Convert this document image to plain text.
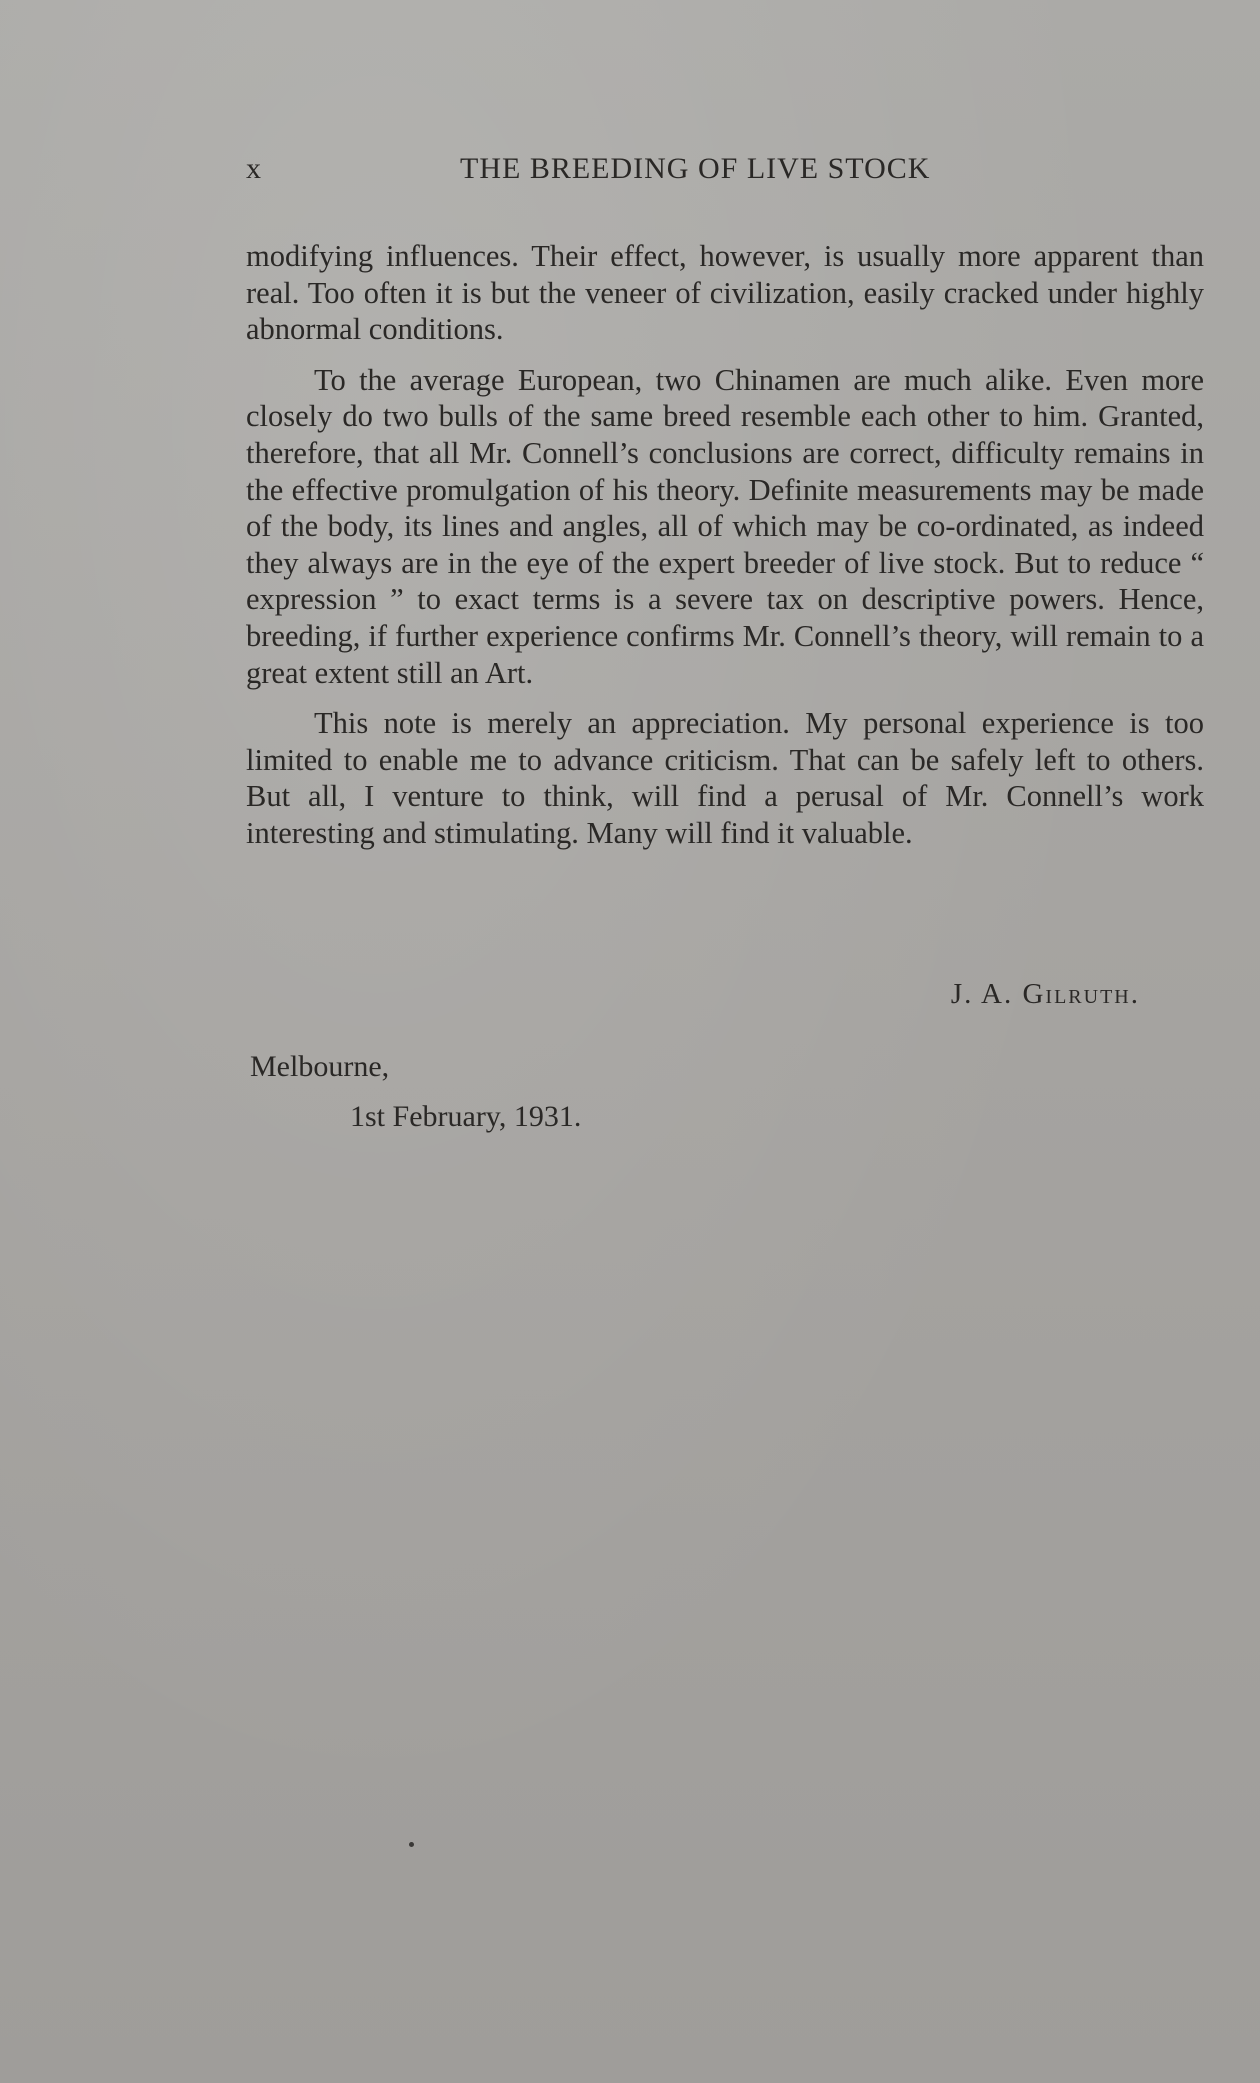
x	THE BREEDING OF LIVE STOCK

modifying influences. Their effect, however, is usually more apparent than real. Too often it is but the veneer of civilization, easily cracked under highly abnormal conditions.

To the average European, two Chinamen are much alike. Even more closely do two bulls of the same breed resemble each other to him. Granted, therefore, that all Mr. Connell’s conclusions are correct, difficulty remains in the effective promulgation of his theory. Definite measurements may be made of the body, its lines and angles, all of which may be co-ordinated, as indeed they always are in the eye of the expert breeder of live stock. But to reduce “ expression ” to exact terms is a severe tax on descriptive powers. Hence, breeding, if further experience confirms Mr. Connell’s theory, will remain to a great extent still an Art.

This note is merely an appreciation. My personal experience is too limited to enable me to advance criticism. That can be safely left to others. But all, I venture to think, will find a perusal of Mr. Connell’s work interesting and stimulating. Many will find it valuable.

J. A. Gilruth.
Melbourne,
1st February, 1931.
